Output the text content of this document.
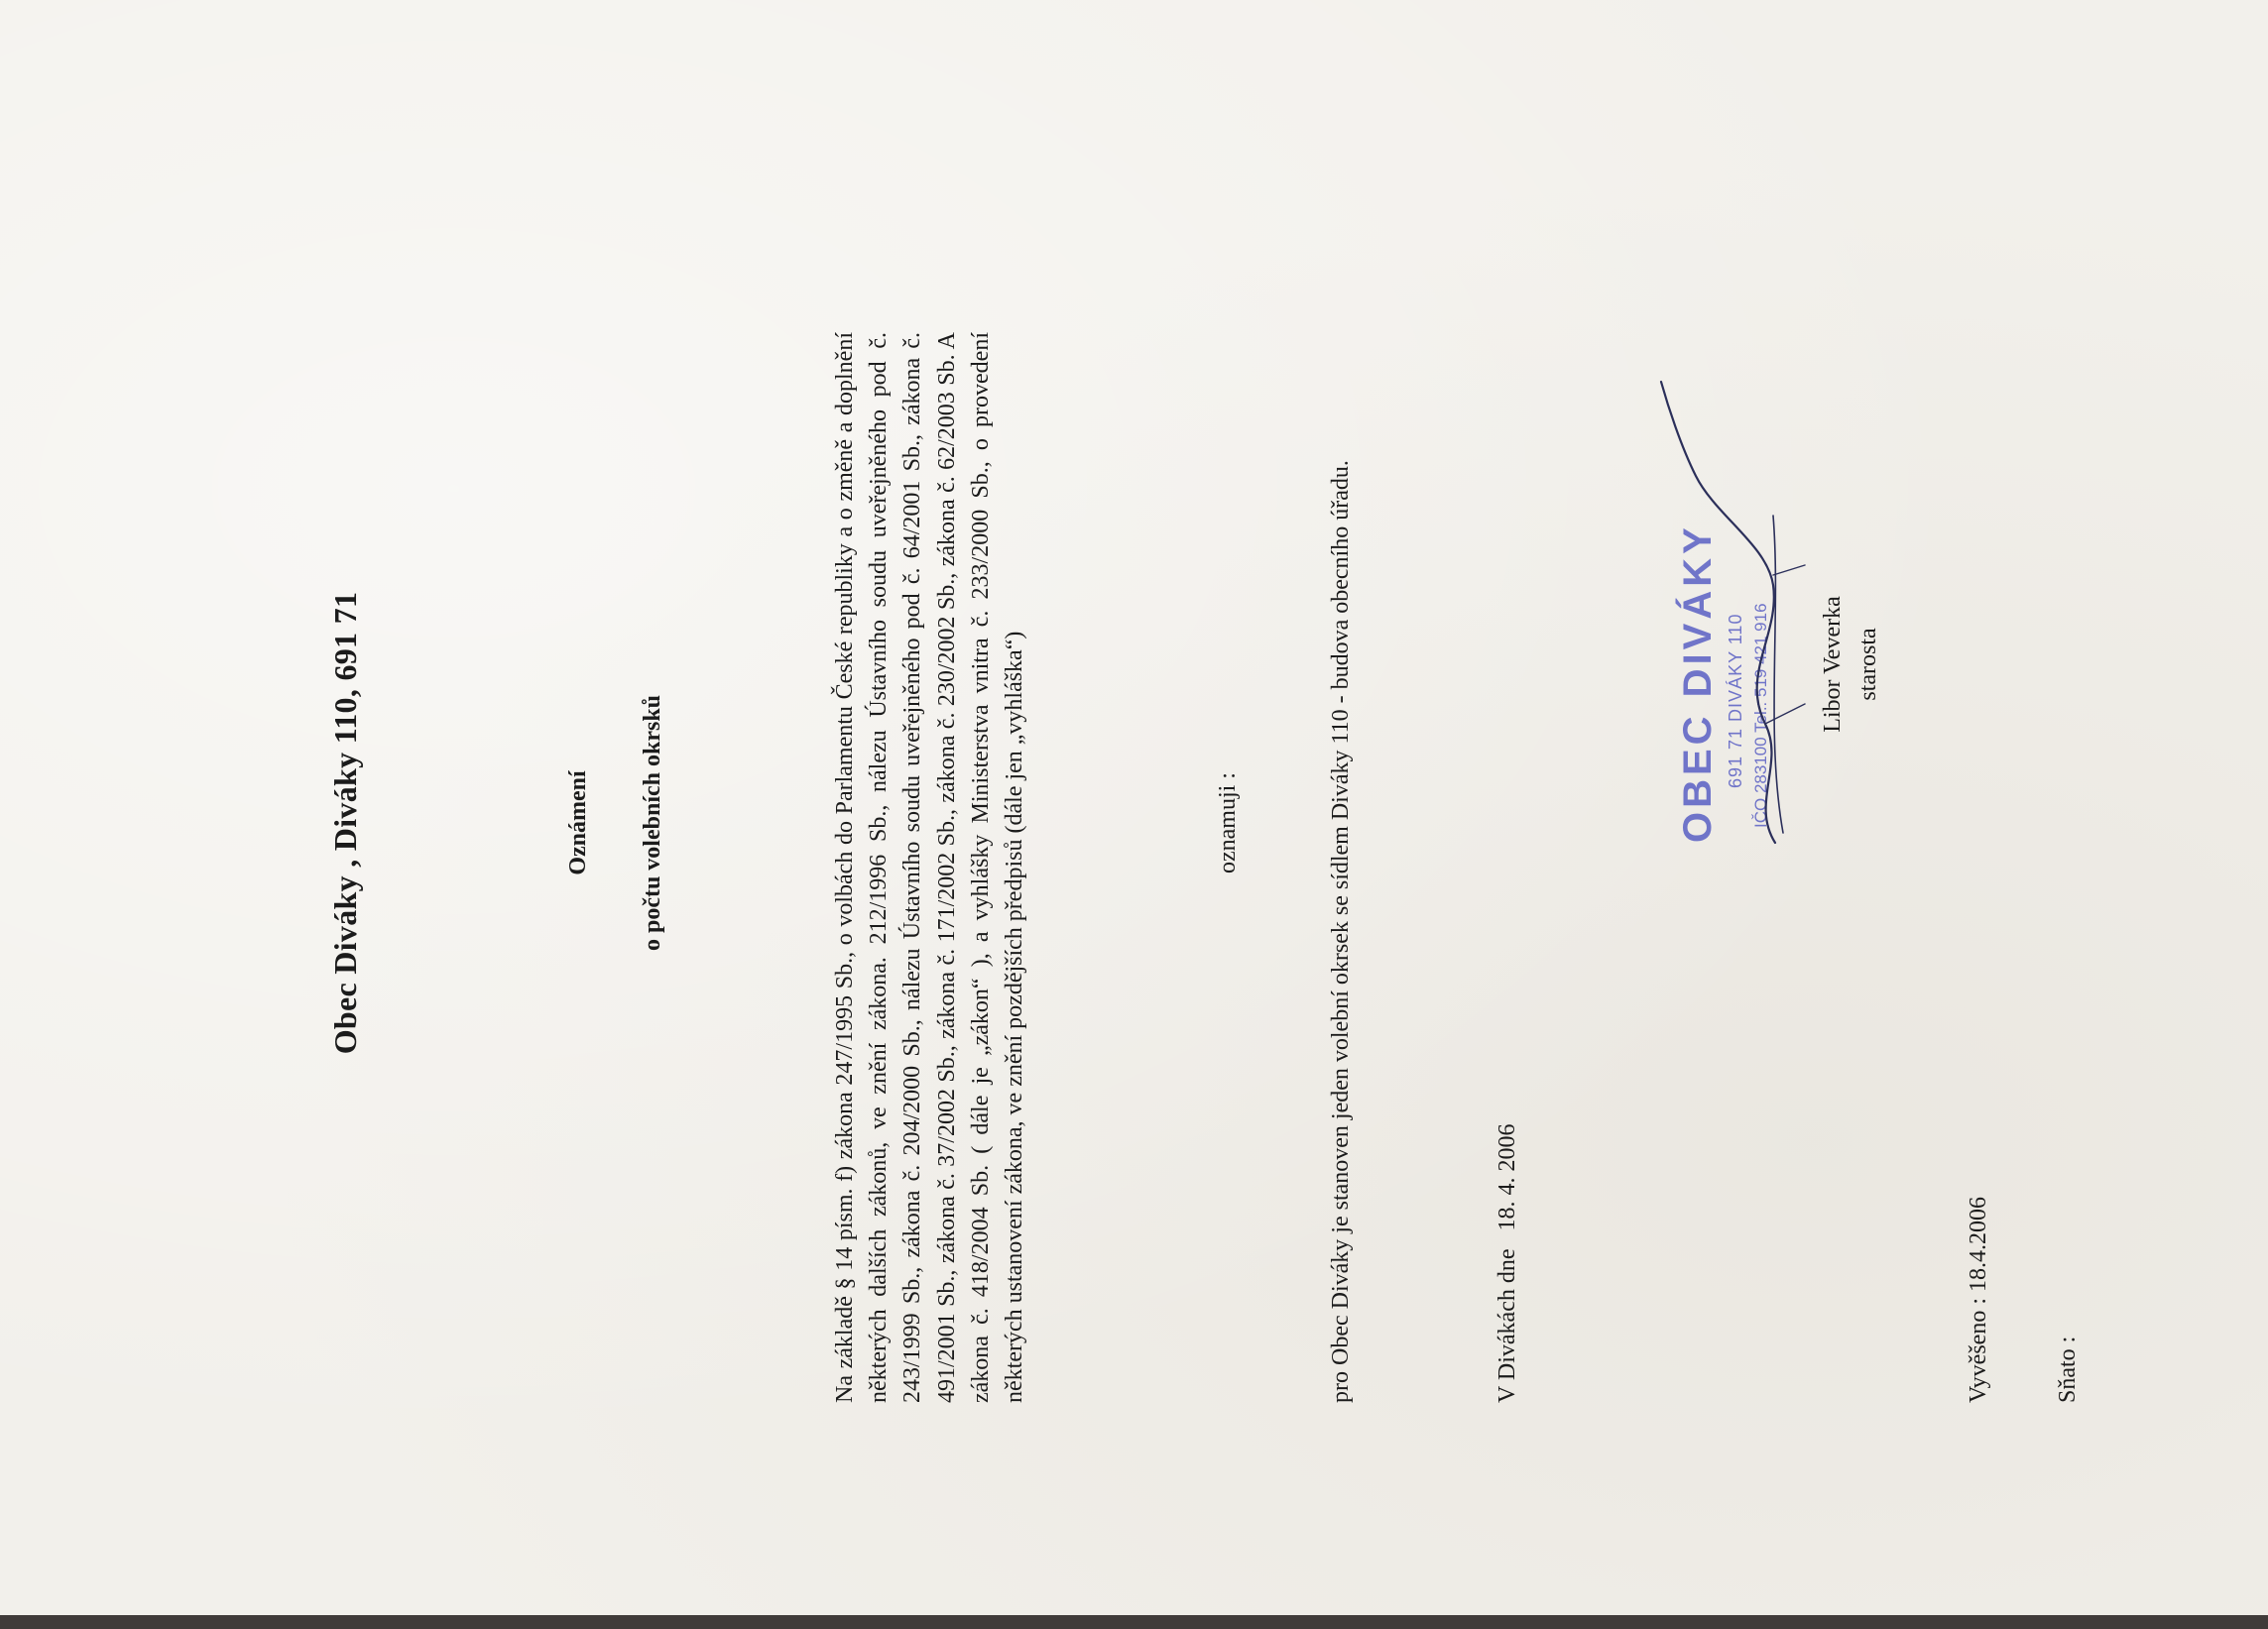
Obec Diváky , Diváky 110, 691 71	Oznámení o počtu volebních okrsků	Na základě § 14 písm. f) zákona 247/1995 Sb., o volbách do Parlamentu České republiky a o změně a doplnění některých dalších zákonů, ve znění zákona. 212/1996 Sb., nálezu Ústavního soudu uveřejněného pod č. 243/1999 Sb., zákona č. 204/2000 Sb., nálezu Ústavního soudu uveřejněného pod č. 64/2001 Sb., zákona č. 491/2001 Sb., zákona č. 37/2002 Sb., zákona č. 171/2002 Sb., zákona č. 230/2002 Sb., zákona č. 62/2003 Sb. A zákona č. 418/2004 Sb. ( dále je „zákon“ ), a vyhlášky Ministerstva vnitra č. 233/2000 Sb., o provedení některých ustanovení zákona, ve znění pozdějších předpisů (dále jen „vyhláška“)	oznamuji :	pro Obec Diváky je stanoven jeden volební okrsek se sídlem Diváky 110 - budova obecního úřadu.	V Divákách dne   18. 4. 2006
OBEC DIVÁKY 691 71 DIVÁKY 110 IČO 283100 Tel.: 519 421 916 Libor Veverka starosta

Vyvěšeno : 18.4.2006

	Sňato :
